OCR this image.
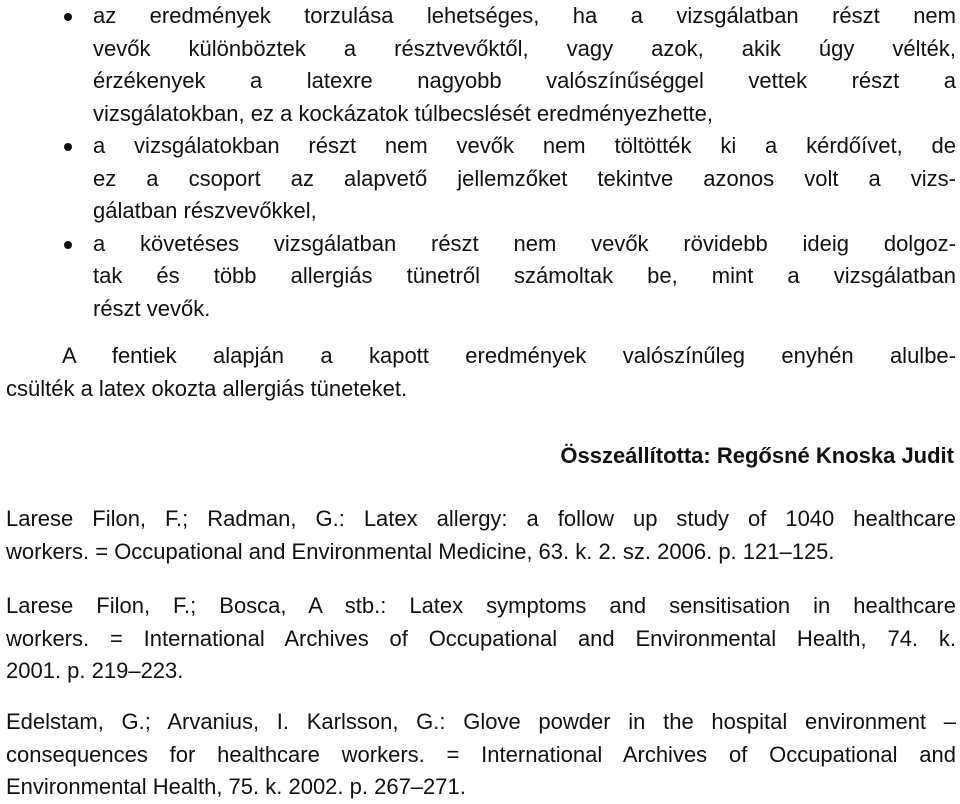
az eredmények torzulása lehetséges, ha a vizsgálatban részt nem
vevők különböztek a résztvevőktől, vagy azok, akik úgy vélték,
érzékenyek a latexre nagyobb valószínűséggel vettek részt a
vizsgálatokban, ez a kockázatok túlbecslését eredményezhette,
a vizsgálatokban részt nem vevők nem töltötték ki a kérdőívet, de
ez a csoport az alapvető jellemzőket tekintve azonos volt a vizs-
gálatban részvevőkkel,
a követéses vizsgálatban részt nem vevők rövidebb ideig dolgoz-
tak és több allergiás tünetről számoltak be, mint a vizsgálatban
részt vevők.
A fentiek alapján a kapott eredmények valószínűleg enyhén alulbe-
csülték a latex okozta allergiás tüneteket.
Összeállította: Regősné Knoska Judit
Larese Filon, F.; Radman, G.: Latex allergy: a follow up study of 1040 healthcare
workers. = Occupational and Environmental Medicine, 63. k. 2. sz. 2006. p. 121–125.
Larese Filon, F.; Bosca, A stb.: Latex symptoms and sensitisation in healthcare
workers. = International Archives of Occupational and Environmental Health, 74. k.
2001. p. 219–223.
Edelstam, G.; Arvanius, I. Karlsson, G.: Glove powder in the hospital environment –
consequences for healthcare workers. = International Archives of Occupational and
Environmental Health, 75. k. 2002. p. 267–271.
